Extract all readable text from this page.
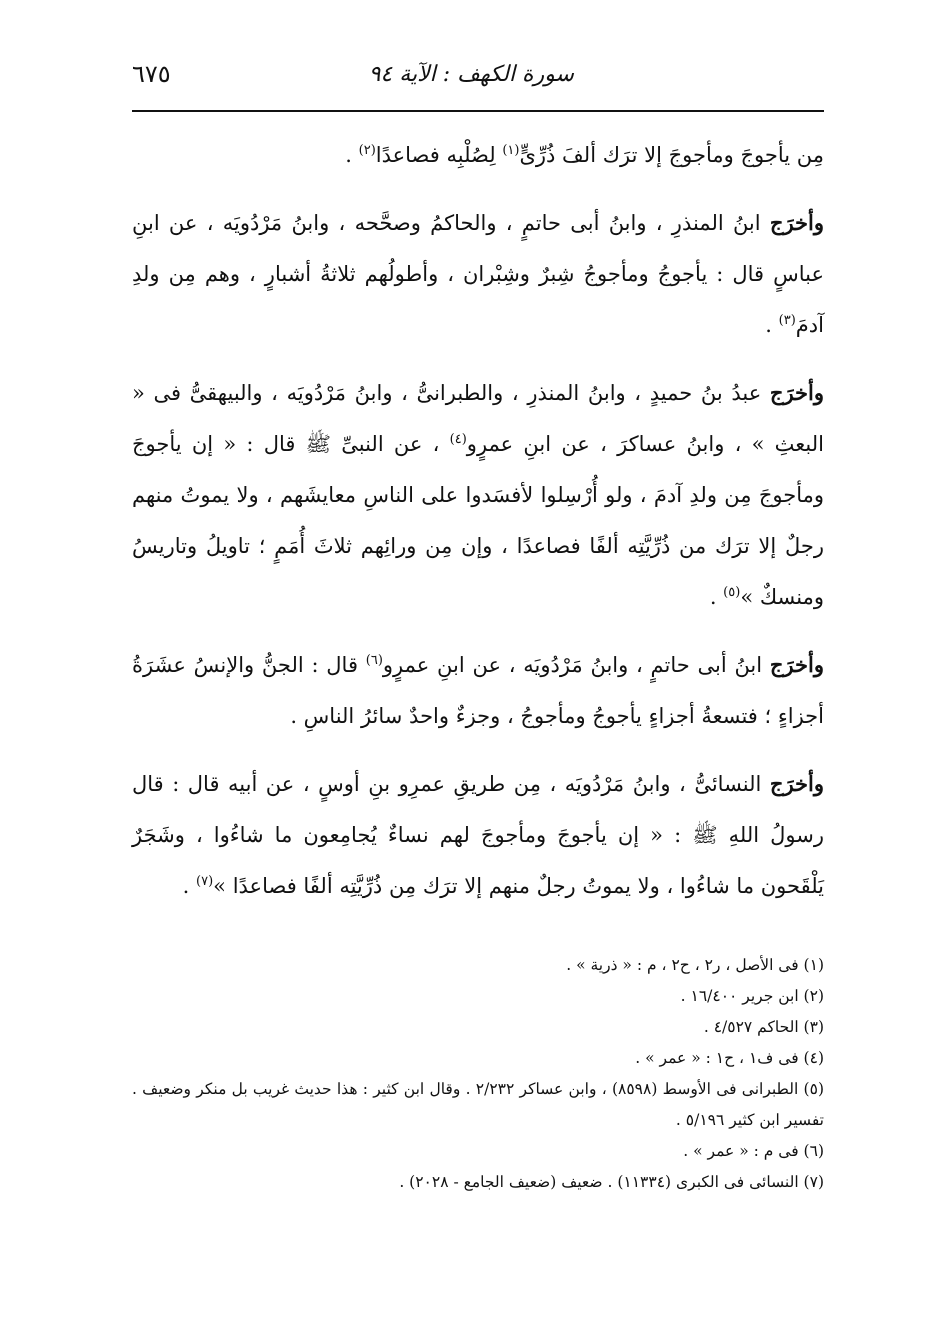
سورة الكهف : الآية ٩٤
٦٧٥

مِن يأجوجَ ومأجوجَ إلا ترَك ألفَ ذُرِّىٍّ$^{(١)}$ لِصُلْبِه فصاعدًا$^{(٢)}$ .

وأخرَج ابنُ المنذرِ ، وابنُ أبى حاتمٍ ، والحاكمُ وصحَّحه ، وابنُ مَرْدُويَه ، عن ابنِ عباسٍ قال : يأجوجُ ومأجوجُ شِبرٌ وشِبْران ، وأطولُهم ثلاثةُ أشبارٍ ، وهم مِن ولدِ آدمَ$^{(٣)}$ .

وأخرَج عبدُ بنُ حميدٍ ، وابنُ المنذرِ ، والطبرانىُّ ، وابنُ مَرْدُويَه ، والبيهقىُّ فى « البعثِ » ، وابنُ عساكرَ ، عن ابنِ عمرٍو$^{(٤)}$ ، عن النبىِّ ﷺ قال : « إن يأجوجَ ومأجوجَ مِن ولدِ آدمَ ، ولو أُرْسِلوا لأفسَدوا على الناسِ معايشَهم ، ولا يموتُ منهم رجلٌ إلا ترَك من ذُرِّيَّتِه ألفًا فصاعدًا ، وإن مِن ورائِهم ثلاثَ أُمَمٍ ؛ تاويلُ وتاريسُ ومنسكٌ »$^{(٥)}$ .

وأخرَج ابنُ أبى حاتمٍ ، وابنُ مَرْدُويَه ، عن ابنِ عمرٍو$^{(٦)}$ قال : الجنُّ والإنسُ عشَرَةُ أجزاءٍ ؛ فتسعةُ أجزاءٍ يأجوجُ ومأجوجُ ، وجزءٌ واحدٌ سائرُ الناسِ .

وأخرَج النسائىُّ ، وابنُ مَرْدُويَه ، مِن طريقِ عمرِو بنِ أوسٍ ، عن أبيه قال : قال رسولُ اللهِ ﷺ : « إن يأجوجَ ومأجوجَ لهم نساءٌ يُجامِعون ما شاءُوا ، وشَجَرٌ يَلْقَحون ما شاءُوا ، ولا يموتُ رجلٌ منهم إلا ترَك مِن ذُرِّيَّتِه ألفًا فصاعدًا »$^{(٧)}$ .

(١) فى الأصل ، ر٢ ، ح٢ ، م : « ذرية » .

(٢) ابن جرير ١٦/٤٠٠ .

(٣) الحاكم ٤/٥٢٧ .

(٤) فى ف١ ، ح١ : « عمر » .

(٥) الطبرانى فى الأوسط (٨٥٩٨) ، وابن عساكر ٢/٢٣٢ . وقال ابن كثير : هذا حديث غريب بل منكر وضعيف . تفسير ابن كثير ٥/١٩٦ .

(٦) فى م : « عمر » .

(٧) النسائى فى الكبرى (١١٣٣٤) . ضعيف (ضعيف الجامع - ٢٠٢٨) .
